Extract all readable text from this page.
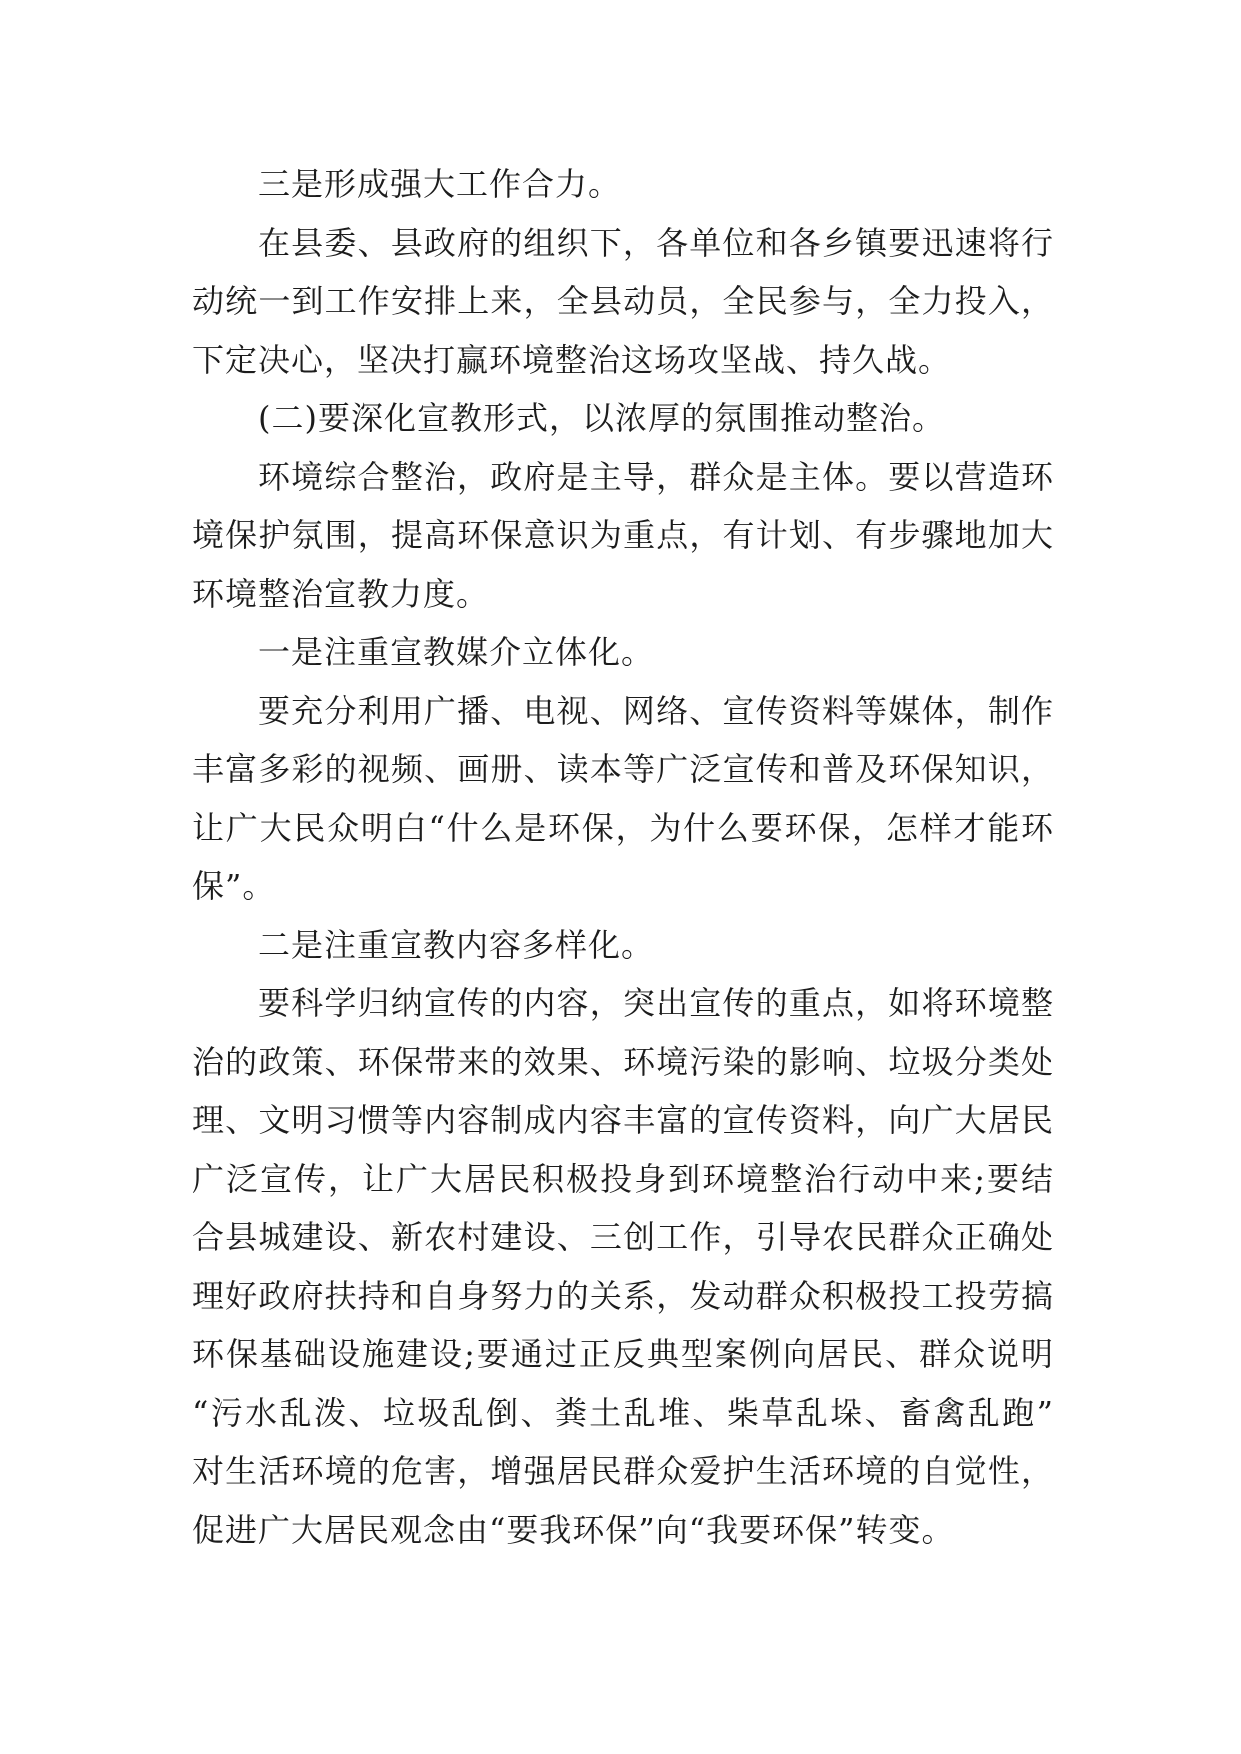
三是形成强大工作合力。

在县委、县政府的组织下，各单位和各乡镇要迅速将行
动统一到工作安排上来，全县动员，全民参与，全力投入，
下定决心，坚决打赢环境整治这场攻坚战、持久战。

(二)要深化宣教形式，以浓厚的氛围推动整治。

环境综合整治，政府是主导，群众是主体。要以营造环
境保护氛围，提高环保意识为重点，有计划、有步骤地加大
环境整治宣教力度。

一是注重宣教媒介立体化。

要充分利用广播、电视、网络、宣传资料等媒体，制作
丰富多彩的视频、画册、读本等广泛宣传和普及环保知识，
让广大民众明白“什么是环保，为什么要环保，怎样才能环
保”。

二是注重宣教内容多样化。

要科学归纳宣传的内容，突出宣传的重点，如将环境整
治的政策、环保带来的效果、环境污染的影响、垃圾分类处
理、文明习惯等内容制成内容丰富的宣传资料，向广大居民
广泛宣传，让广大居民积极投身到环境整治行动中来;要结
合县城建设、新农村建设、三创工作，引导农民群众正确处
理好政府扶持和自身努力的关系，发动群众积极投工投劳搞
环保基础设施建设;要通过正反典型案例向居民、群众说明
“污水乱泼、垃圾乱倒、粪土乱堆、柴草乱垛、畜禽乱跑”
对生活环境的危害，增强居民群众爱护生活环境的自觉性，
促进广大居民观念由“要我环保”向“我要环保”转变。
